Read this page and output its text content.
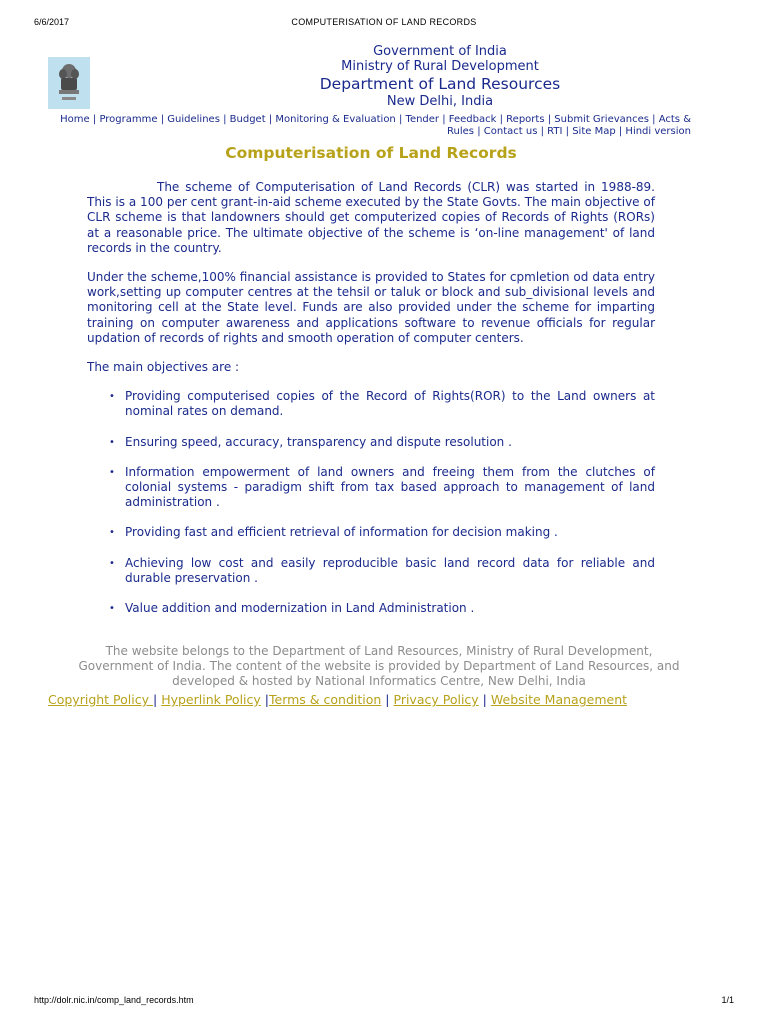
6/6/2017	COMPUTERISATION OF LAND RECORDS
Government of India
Ministry of Rural Development
Department of Land Resources
New Delhi, India
Home | Programme | Guidelines | Budget | Monitoring & Evaluation | Tender | Feedback | Reports | Submit Grievances | Acts & Rules | Contact us | RTI | Site Map | Hindi version
Computerisation of Land Records

The scheme of Computerisation of Land Records (CLR) was started in 1988-89. This is a 100 per cent grant-in-aid scheme executed by the State Govts. The main objective of CLR scheme is that landowners should get computerized copies of Records of Rights (RORs) at a reasonable price. The ultimate objective of the scheme is ‘on-line management' of land records in the country.

Under the scheme,100% financial assistance is provided to States for cpmletion od data entry work,setting up computer centres at the tehsil or taluk or block and sub_divisional levels and monitoring cell at the State level. Funds are also provided under the scheme for imparting training on computer awareness and applications software to revenue officials for regular updation of records of rights and smooth operation of computer centers.

The main objectives are :

• Providing computerised copies of the Record of Rights(ROR) to the Land owners at nominal rates on demand.
• Ensuring speed, accuracy, transparency and dispute resolution .
• Information empowerment of land owners and freeing them from the clutches of colonial systems - paradigm shift from tax based approach to management of land administration .
• Providing fast and efficient retrieval of information for decision making .
• Achieving low cost and easily reproducible basic land record data for reliable and durable preservation .
• Value addition and modernization in Land Administration .
The website belongs to the Department of Land Resources, Ministry of Rural Development, Government of India. The content of the website is provided by Department of Land Resources, and developed & hosted by National Informatics Centre, New Delhi, India
Copyright Policy | Hyperlink Policy |Terms & condition | Privacy Policy | Website Management
http://dolr.nic.in/comp_land_records.htm	1/1
